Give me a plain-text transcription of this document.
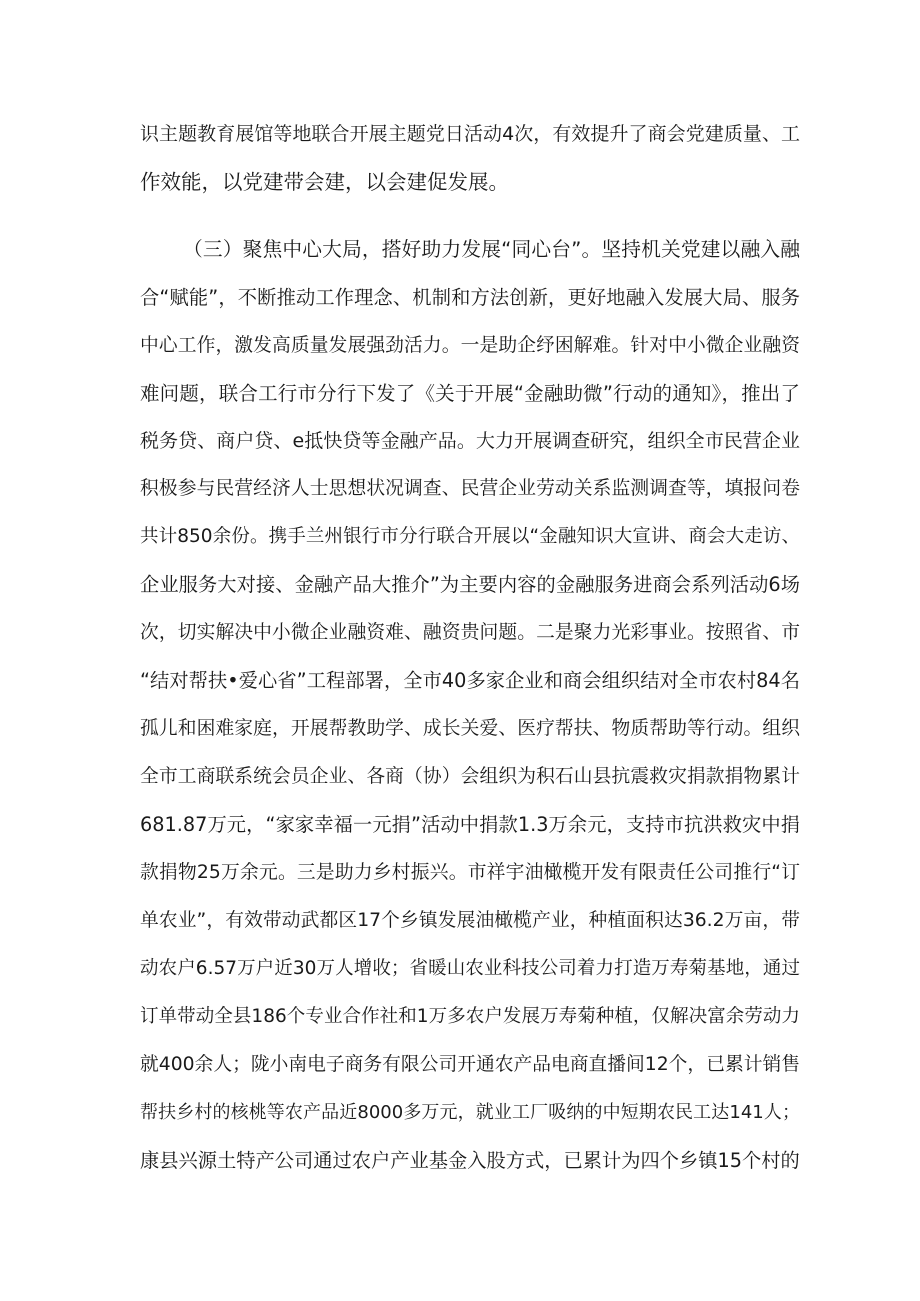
识主题教育展馆等地联合开展主题党日活动4次，有效提升了商会党建质量、工
作效能，以党建带会建，以会建促发展。
（三）聚焦中心大局，搭好助力发展“同心台”。坚持机关党建以融入融
合“赋能”，不断推动工作理念、机制和方法创新，更好地融入发展大局、服务
中心工作，激发高质量发展强劲活力。一是助企纾困解难。针对中小微企业融资
难问题，联合工行市分行下发了《关于开展“金融助微”行动的通知》，推出了
税务贷、商户贷、e抵快贷等金融产品。大力开展调查研究，组织全市民营企业
积极参与民营经济人士思想状况调查、民营企业劳动关系监测调查等，填报问卷
共计850余份。携手兰州银行市分行联合开展以“金融知识大宣讲、商会大走访、
企业服务大对接、金融产品大推介”为主要内容的金融服务进商会系列活动6场
次，切实解决中小微企业融资难、融资贵问题。二是聚力光彩事业。按照省、市
“结对帮扶•爱心省”工程部署，全市40多家企业和商会组织结对全市农村84名
孤儿和困难家庭，开展帮教助学、成长关爱、医疗帮扶、物质帮助等行动。组织
全市工商联系统会员企业、各商（协）会组织为积石山县抗震救灾捐款捐物累计
681.87万元，“家家幸福一元捐”活动中捐款1.3万余元，支持市抗洪救灾中捐
款捐物25万余元。三是助力乡村振兴。市祥宇油橄榄开发有限责任公司推行“订
单农业”，有效带动武都区17个乡镇发展油橄榄产业，种植面积达36.2万亩，带
动农户6.57万户近30万人增收；省暖山农业科技公司着力打造万寿菊基地，通过
订单带动全县186个专业合作社和1万多农户发展万寿菊种植，仅解决富余劳动力
就400余人；陇小南电子商务有限公司开通农产品电商直播间12个，已累计销售
帮扶乡村的核桃等农产品近8000多万元，就业工厂吸纳的中短期农民工达141人；
康县兴源土特产公司通过农户产业基金入股方式，已累计为四个乡镇15个村的
